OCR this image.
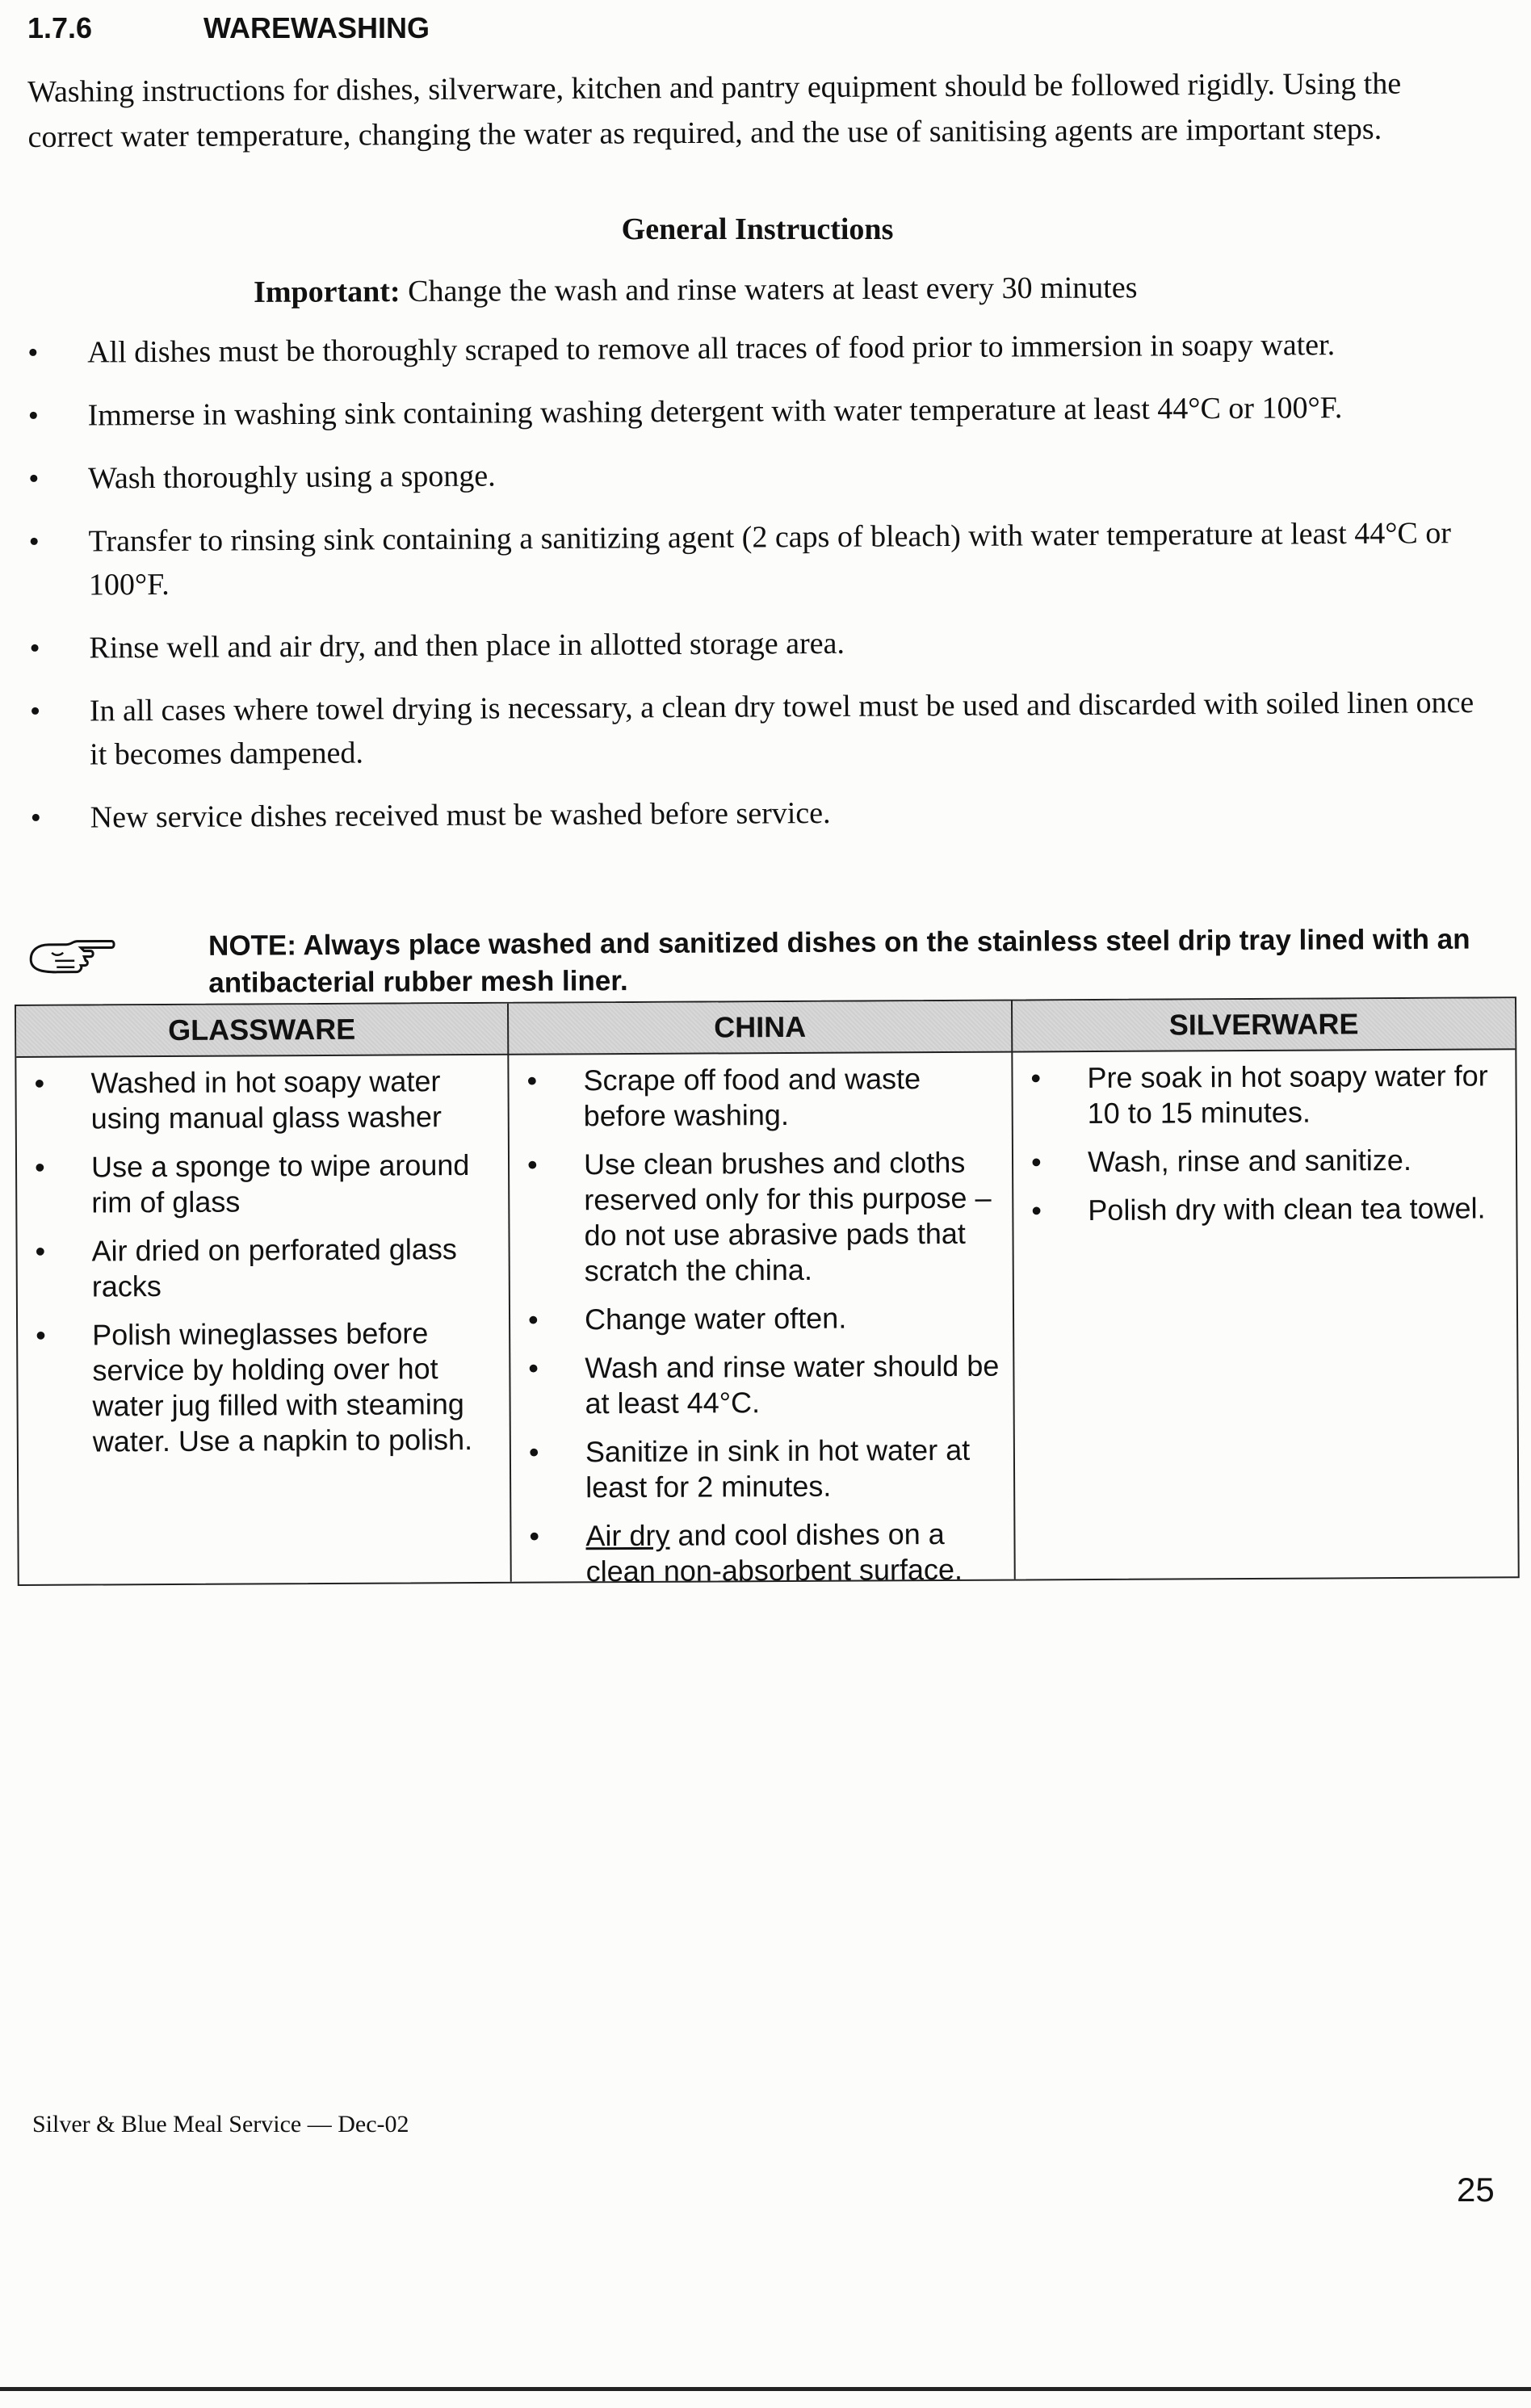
1.7.6	WAREWASHING
Washing instructions for dishes, silverware, kitchen and pantry equipment should be followed rigidly. Using the correct water temperature, changing the water as required, and the use of sanitising agents are important steps.
General Instructions
Important: Change the wash and rinse waters at least every 30 minutes
• All dishes must be thoroughly scraped to remove all traces of food prior to immersion in soapy water.
• Immerse in washing sink containing washing detergent with water temperature at least 44°C or 100°F.
• Wash thoroughly using a sponge.
• Transfer to rinsing sink containing a sanitizing agent (2 caps of bleach) with water temperature at least 44°C or 100°F.
• Rinse well and air dry, and then place in allotted storage area.
• In all cases where towel drying is necessary, a clean dry towel must be used and discarded with soiled linen once it becomes dampened.
• New service dishes received must be washed before service.
NOTE: Always place washed and sanitized dishes on the stainless steel drip tray lined with an antibacterial rubber mesh liner.
GLASSWARE
• Washed in hot soapy water using manual glass washer
• Use a sponge to wipe around rim of glass
• Air dried on perforated glass racks
• Polish wineglasses before service by holding over hot water jug filled with steaming water. Use a napkin to polish.
CHINA
• Scrape off food and waste before washing.
• Use clean brushes and cloths reserved only for this purpose – do not use abrasive pads that scratch the china.
• Change water often.
• Wash and rinse water should be at least 44°C.
• Sanitize in sink in hot water at least for 2 minutes.
• Air dry and cool dishes on a clean non-absorbent surface.
SILVERWARE
• Pre soak in hot soapy water for 10 to 15 minutes.
• Wash, rinse and sanitize.
• Polish dry with clean tea towel.
Silver & Blue Meal Service — Dec-02
25
